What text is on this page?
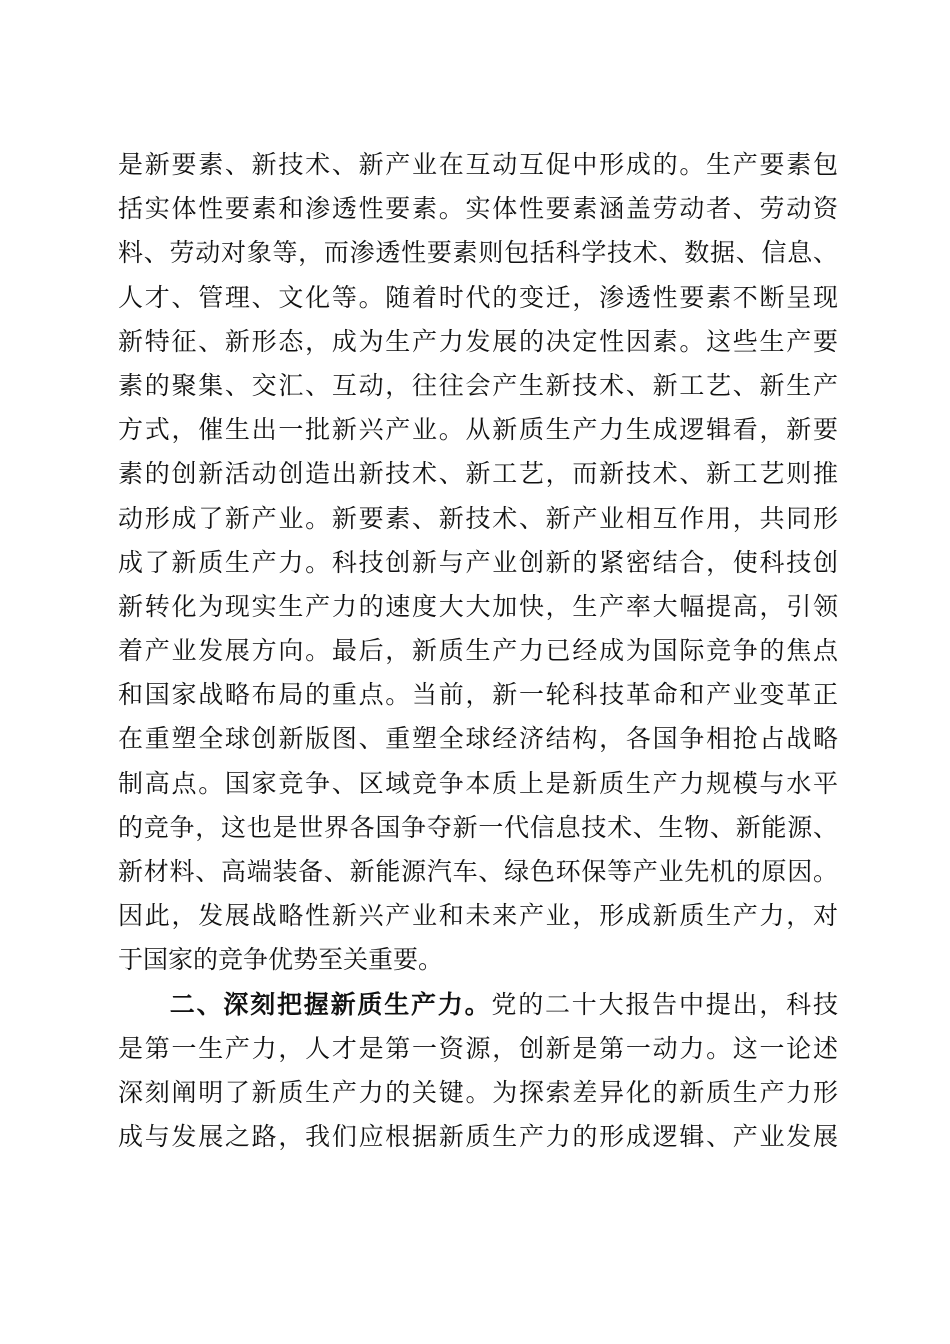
是新要素、新技术、新产业在互动互促中形成的。生产要素包
括实体性要素和渗透性要素。实体性要素涵盖劳动者、劳动资
料、劳动对象等，而渗透性要素则包括科学技术、数据、信息、
人才、管理、文化等。随着时代的变迁，渗透性要素不断呈现
新特征、新形态，成为生产力发展的决定性因素。这些生产要
素的聚集、交汇、互动，往往会产生新技术、新工艺、新生产
方式，催生出一批新兴产业。从新质生产力生成逻辑看，新要
素的创新活动创造出新技术、新工艺，而新技术、新工艺则推
动形成了新产业。新要素、新技术、新产业相互作用，共同形
成了新质生产力。科技创新与产业创新的紧密结合，使科技创
新转化为现实生产力的速度大大加快，生产率大幅提高，引领
着产业发展方向。最后，新质生产力已经成为国际竞争的焦点
和国家战略布局的重点。当前，新一轮科技革命和产业变革正
在重塑全球创新版图、重塑全球经济结构，各国争相抢占战略
制高点。国家竞争、区域竞争本质上是新质生产力规模与水平
的竞争，这也是世界各国争夺新一代信息技术、生物、新能源、
新材料、高端装备、新能源汽车、绿色环保等产业先机的原因。
因此，发展战略性新兴产业和未来产业，形成新质生产力，对
于国家的竞争优势至关重要。
二、深刻把握新质生产力。党的二十大报告中提出，科技
是第一生产力，人才是第一资源，创新是第一动力。这一论述
深刻阐明了新质生产力的关键。为探索差异化的新质生产力形
成与发展之路，我们应根据新质生产力的形成逻辑、产业发展
